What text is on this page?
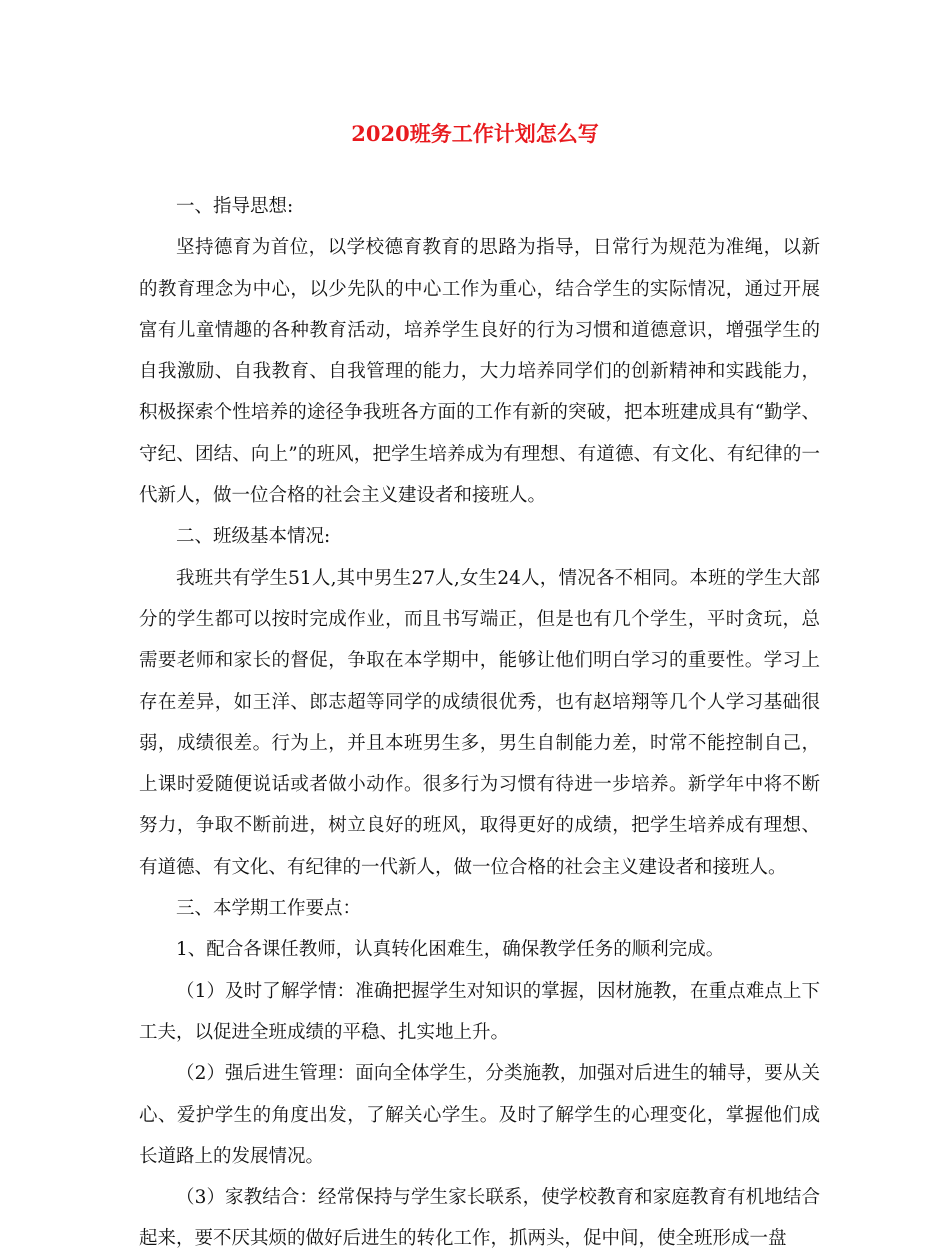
2020班务工作计划怎么写

一、指导思想:

坚持德育为首位，以学校德育教育的思路为指导，日常行为规范为准绳，以新的教育理念为中心，以少先队的中心工作为重心，结合学生的实际情况，通过开展富有儿童情趣的各种教育活动，培养学生良好的行为习惯和道德意识，增强学生的自我激励、自我教育、自我管理的能力，大力培养同学们的创新精神和实践能力，积极探索个性培养的途径争我班各方面的工作有新的突破，把本班建成具有“勤学、守纪、团结、向上”的班风，把学生培养成为有理想、有道德、有文化、有纪律的一代新人，做一位合格的社会主义建设者和接班人。

二、班级基本情况:

我班共有学生51人,其中男生27人,女生24人，情况各不相同。本班的学生大部分的学生都可以按时完成作业，而且书写端正，但是也有几个学生，平时贪玩，总需要老师和家长的督促，争取在本学期中，能够让他们明白学习的重要性。学习上存在差异，如王洋、郎志超等同学的成绩很优秀，也有赵培翔等几个人学习基础很弱，成绩很差。行为上，并且本班男生多，男生自制能力差，时常不能控制自己，上课时爱随便说话或者做小动作。很多行为习惯有待进一步培养。新学年中将不断努力，争取不断前进，树立良好的班风，取得更好的成绩，把学生培养成有理想、有道德、有文化、有纪律的一代新人，做一位合格的社会主义建设者和接班人。

三、本学期工作要点：

1、配合各课任教师，认真转化困难生，确保教学任务的顺利完成。

（1）及时了解学情：准确把握学生对知识的掌握，因材施教，在重点难点上下工夫，以促进全班成绩的平稳、扎实地上升。

（2）强后进生管理：面向全体学生，分类施教，加强对后进生的辅导，要从关心、爱护学生的角度出发，了解关心学生。及时了解学生的心理变化，掌握他们成长道路上的发展情况。

（3）家教结合：经常保持与学生家长联系，使学校教育和家庭教育有机地结合起来，要不厌其烦的做好后进生的转化工作，抓两头，促中间，使全班形成一盘
